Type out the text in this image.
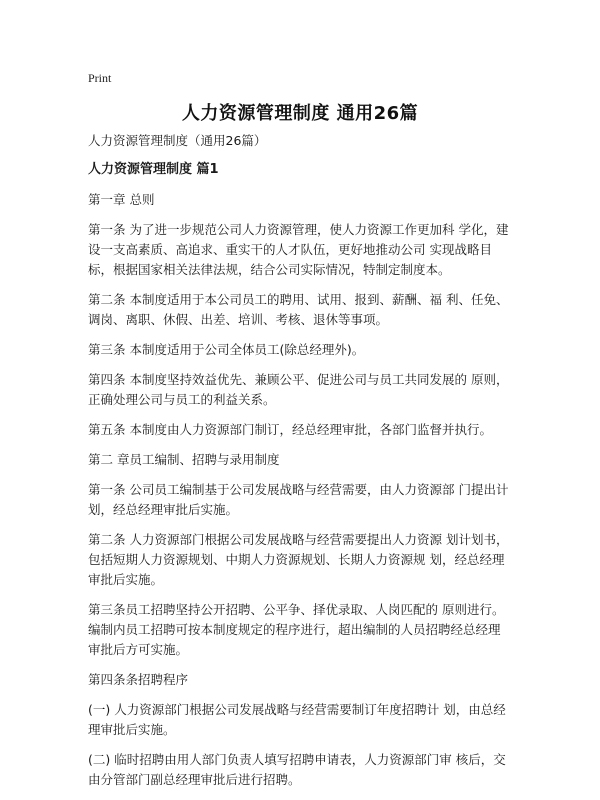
Print
人力资源管理制度 通用26篇

人力资源管理制度（通用26篇）

人力资源管理制度 篇1

第一章 总则

第一条 为了进一步规范公司人力资源管理，使人力资源工作更加科 学化，建设一支高素质、高追求、重实干的人才队伍，更好地推动公司 实现战略目标，根据国家相关法律法规，结合公司实际情况，特制定制度本。

第二条 本制度适用于本公司员工的聘用、试用、报到、薪酬、福 利、任免、调岗、离职、休假、出差、培训、考核、退休等事项。

第三条 本制度适用于公司全体员工(除总经理外)。

第四条 本制度坚持效益优先、兼顾公平、促进公司与员工共同发展的 原则，正确处理公司与员工的利益关系。

第五条 本制度由人力资源部门制订，经总经理审批，各部门监督并执行。

第二 章员工编制、招聘与录用制度

第一条 公司员工编制基于公司发展战略与经营需要，由人力资源部 门提出计划，经总经理审批后实施。

第二条 人力资源部门根据公司发展战略与经营需要提出人力资源 划计划书，包括短期人力资源规划、中期人力资源规划、长期人力资源规 划，经总经理审批后实施。

第三条员工招聘坚持公开招聘、公平争、择优录取、人岗匹配的 原则进行。编制内员工招聘可按本制度规定的程序进行，超出编制的人员招聘经总经理审批后方可实施。

第四条条招聘程序

(一) 人力资源部门根据公司发展战略与经营需要制订年度招聘计 划，由总经理审批后实施。

(二) 临时招聘由用人部门负责人填写招聘申请表，人力资源部门审 核后，交由分管部门副总经理审批后进行招聘。
